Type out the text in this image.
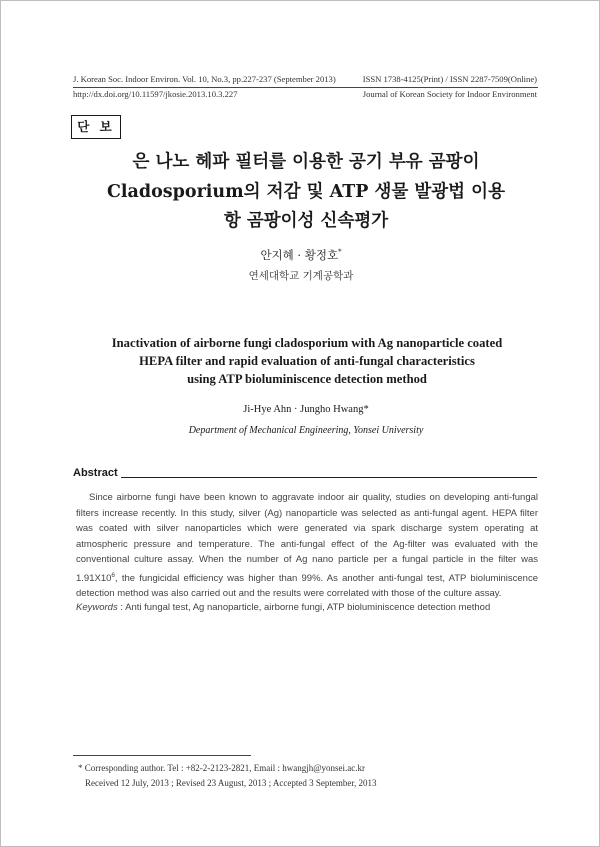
J. Korean Soc. Indoor Environ. Vol. 10, No.3, pp.227-237 (September 2013)	ISSN 1738-4125(Print) / ISSN 2287-7509(Online)
http://dx.doi.org/10.11597/jkosie.2013.10.3.227	Journal of Korean Society for Indoor Environment
단 보
은 나노 헤파 필터를 이용한 공기 부유 곰팡이
Cladosporium의 저감 및 ATP 생물 발광법 이용
항 곰팡이성 신속평가
안지혜 · 황정호*
연세대학교 기계공학과
Inactivation of airborne fungi cladosporium with Ag nanoparticle coated
HEPA filter and rapid evaluation of anti-fungal characteristics
using ATP bioluminiscence detection method
Ji-Hye Ahn · Jungho Hwang*
Department of Mechanical Engineering, Yonsei University
Abstract

Since airborne fungi have been known to aggravate indoor air quality, studies on developing anti-fungal filters increase recently. In this study, silver (Ag) nanoparticle was selected as anti-fungal agent. HEPA filter was coated with silver nanoparticles which were generated via spark discharge system operating at atmospheric pressure and temperature. The anti-fungal effect of the Ag-filter was evaluated with the conventional culture assay. When the number of Ag nano particle per a fungal particle in the filter was $1.91X10^6$, the fungicidal efficiency was higher than 99%. As another anti-fungal test, ATP bioluminiscence detection method was also carried out and the results were correlated with those of the culture assay.

Keywords : Anti fungal test, Ag nanoparticle, airborne fungi, ATP bioluminiscence detection method
* Corresponding author. Tel : +82-2-2123-2821, Email : hwangjh@yonsei.ac.kr
Received 12 July, 2013 ; Revised 23 August, 2013 ; Accepted 3 September, 2013
